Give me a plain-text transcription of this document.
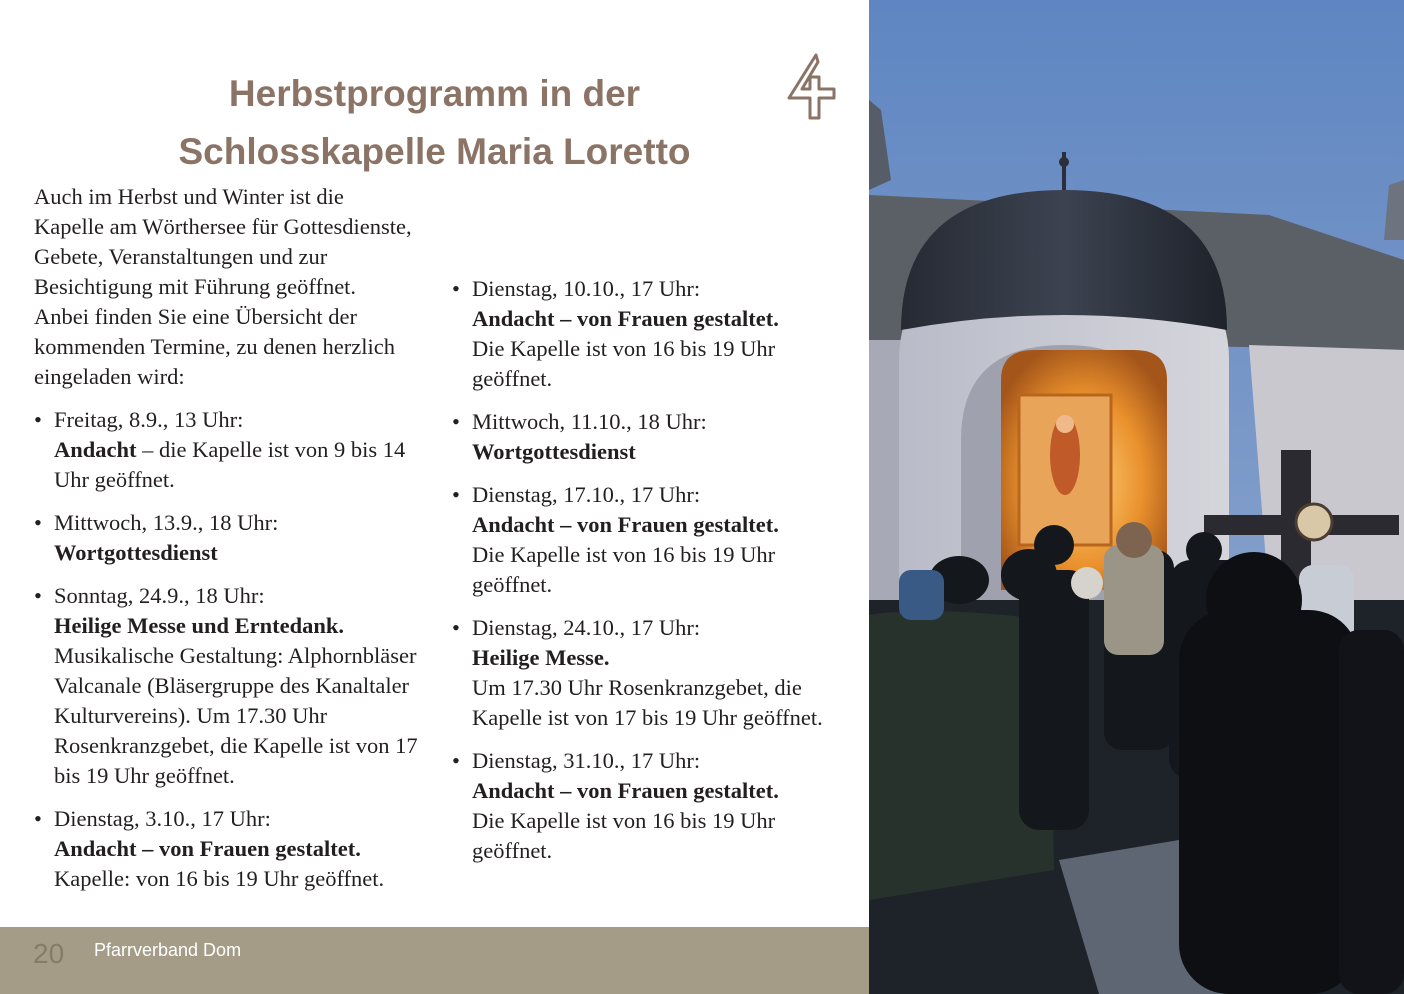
Herbstprogramm in der
Schlosskapelle Maria Loretto

Auch im Herbst und Winter ist die Kapelle am Wörthersee für Gottesdienste, Gebete, Veranstaltungen und zur Besichtigung mit Führung geöffnet. Anbei finden Sie eine Übersicht der kommenden Termine, zu denen herzlich eingeladen wird:

• Freitag, 8.9., 13 Uhr:
Andacht – die Kapelle ist von 9 bis 14 Uhr geöffnet.
• Mittwoch, 13.9., 18 Uhr:
Wortgottesdienst
• Sonntag, 24.9., 18 Uhr:
Heilige Messe und Erntedank.
Musikalische Gestaltung: Alphornbläser Valcanale (Bläsergruppe des Kanaltaler Kulturvereins). Um 17.30 Uhr Rosenkranzgebet, die Kapelle ist von 17 bis 19 Uhr geöffnet.
• Dienstag, 3.10., 17 Uhr:
Andacht – von Frauen gestaltet.
Kapelle: von 16 bis 19 Uhr geöffnet.
• Dienstag, 10.10., 17 Uhr:
Andacht – von Frauen gestaltet.
Die Kapelle ist von 16 bis 19 Uhr geöffnet.
• Mittwoch, 11.10., 18 Uhr:
Wortgottesdienst
• Dienstag, 17.10., 17 Uhr:
Andacht – von Frauen gestaltet.
Die Kapelle ist von 16 bis 19 Uhr geöffnet.
• Dienstag, 24.10., 17 Uhr:
Heilige Messe.
Um 17.30 Uhr Rosenkranzgebet, die Kapelle ist von 17 bis 19 Uhr geöffnet.
• Dienstag, 31.10., 17 Uhr:
Andacht – von Frauen gestaltet.
Die Kapelle ist von 16 bis 19 Uhr geöffnet.
20 Pfarrverband Dom
